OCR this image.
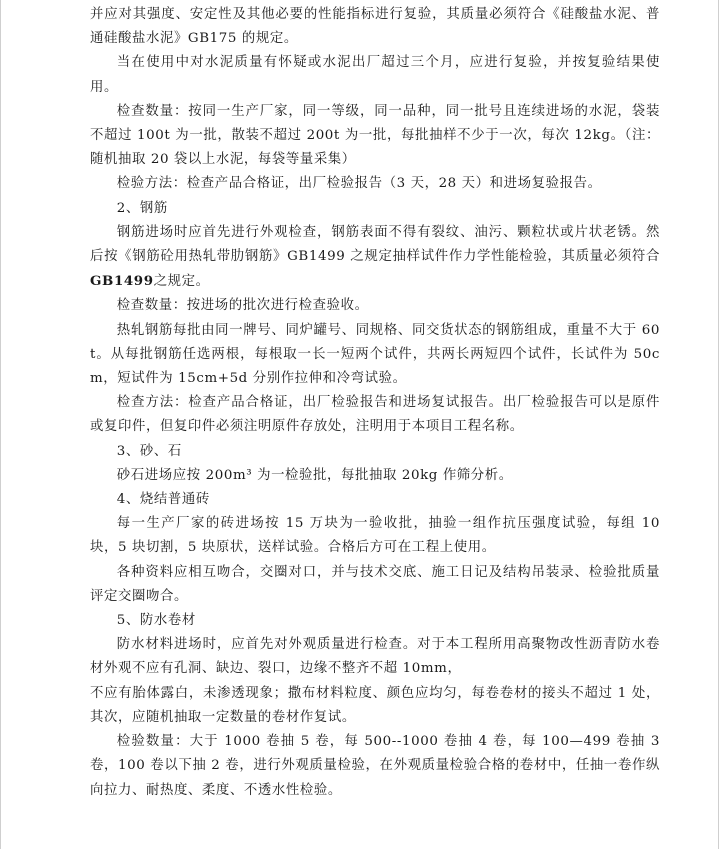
并应对其强度、安定性及其他必要的性能指标进行复验，其质量必须符合《硅酸盐水泥、普通硅酸盐水泥》GB175 的规定。

当在使用中对水泥质量有怀疑或水泥出厂超过三个月，应进行复验，并按复验结果使用。

检查数量：按同一生产厂家，同一等级，同一品种，同一批号且连续进场的水泥，袋装不超过 100t 为一批，散装不超过 200t 为一批，每批抽样不少于一次，每次 12kg。（注：随机抽取 20 袋以上水泥，每袋等量采集）

检验方法：检查产品合格证，出厂检验报告（3 天，28 天）和进场复验报告。

2、钢筋

钢筋进场时应首先进行外观检查，钢筋表面不得有裂纹、油污、颗粒状或片状老锈。然后按《钢筋砼用热轧带肋钢筋》GB1499 之规定抽样试件作力学性能检验，其质量必须符合GB1499之规定。

检查数量：按进场的批次进行检查验收。

热轧钢筋每批由同一牌号、同炉罐号、同规格、同交货状态的钢筋组成，重量不大于 60t。从每批钢筋任选两根，每根取一长一短两个试件，共两长两短四个试件，长试件为 50cm，短试件为 15cm+5d 分别作拉伸和冷弯试验。

检查方法：检查产品合格证，出厂检验报告和进场复试报告。出厂检验报告可以是原件或复印件，但复印件必须注明原件存放处，注明用于本项目工程名称。

3、砂、石

砂石进场应按 200m³ 为一检验批，每批抽取 20kg 作筛分析。

4、烧结普通砖

每一生产厂家的砖进场按 15 万块为一验收批，抽验一组作抗压强度试验，每组 10 块，5 块切割，5 块原状，送样试验。合格后方可在工程上使用。

各种资料应相互吻合，交圈对口，并与技术交底、施工日记及结构吊装录、检验批质量评定交圈吻合。

5、防水卷材

防水材料进场时，应首先对外观质量进行检查。对于本工程所用高聚物改性沥青防水卷材外观不应有孔洞、缺边、裂口，边缘不整齐不超 10mm，

不应有胎体露白，未渗透现象；撒布材料粒度、颜色应均匀，每卷卷材的接头不超过 1 处，其次，应随机抽取一定数量的卷材作复试。

检验数量：大于 1000 卷抽 5 卷，每 500--1000 卷抽 4 卷，每 100—499 卷抽 3 卷，100 卷以下抽 2 卷，进行外观质量检验，在外观质量检验合格的卷材中，任抽一卷作纵向拉力、耐热度、柔度、不透水性检验。
